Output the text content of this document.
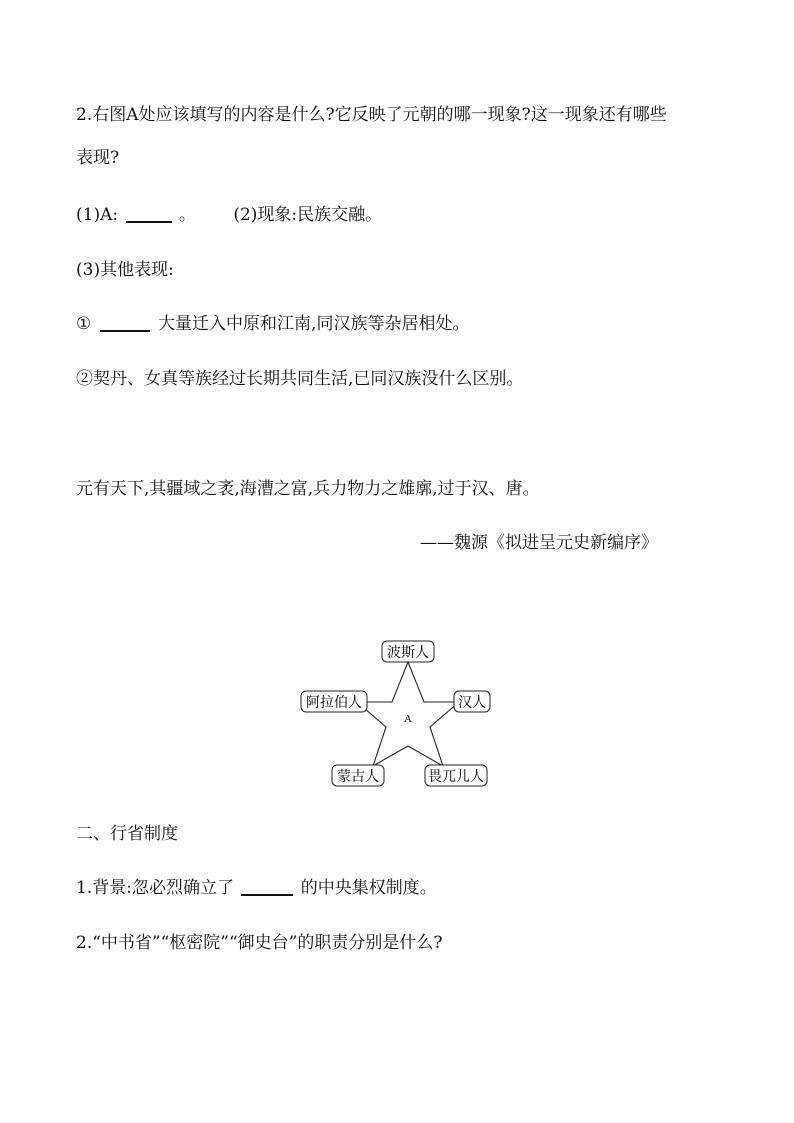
2.右图A处应该填写的内容是什么?它反映了元朝的哪一现象?这一现象还有哪些
表现?
(1)A:	。 (2)现象:民族交融。
(3)其他表现:
①	大量迁入中原和江南,同汉族等杂居相处。
②契丹、女真等族经过长期共同生活,已同汉族没什么区别。
元有天下,其疆域之袤,海漕之富,兵力物力之雄廓,过于汉、唐。
——魏源《拟进呈元史新编序》
A
波斯人
阿拉伯人	汉人
蒙古人	畏兀儿人
二、行省制度
1.背景:忽必烈确立了	的中央集权制度。
2.“中书省”“枢密院”“御史台”的职责分别是什么?
